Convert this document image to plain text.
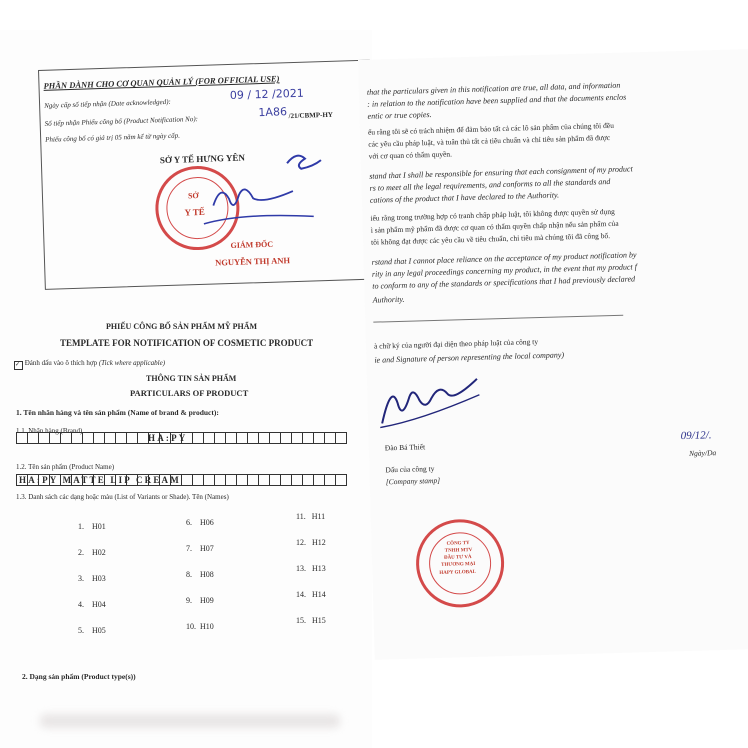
PHẦN DÀNH CHO CƠ QUAN QUẢN LÝ (FOR OFFICIAL USE)
Ngày cấp số tiếp nhận (Date acknowledged):
09 / 12 /2021
Số tiếp nhận Phiếu công bố (Product Notification No):
1A86 /21/CBMP-HY
Phiếu công bố có giá trị 05 năm kể từ ngày cấp.
SỞ Y TẾ HƯNG YÊN
SỞ
Y TẾ
GIÁM ĐỐC
NGUYỄN THỊ ANH
PHIẾU CÔNG BỐ SẢN PHẨM MỸ PHẨM
TEMPLATE FOR NOTIFICATION OF COSMETIC PRODUCT
✓ Đánh dấu vào ô thích hợp (Tick where applicable)
THÔNG TIN SẢN PHẨM
PARTICULARS OF PRODUCT
1. Tên nhãn hàng và tên sản phẩm (Name of brand & product):
1.1. Nhãn hàng (Brand)
HA:PY
1.2. Tên sản phẩm (Product Name)
HA:PY MATTE LIP CREAM
1.3. Danh sách các dạng hoặc màu (List of Variants or Shade). Tên (Names)
1. H01
2. H02
3. H03
4. H04
5. H05
6. H06
7. H07
8. H08
9. H09
10. H10
11. H11
12. H12
13. H13
14. H14
15. H15
2. Dạng sản phẩm (Product type(s))
that the particulars given in this notification are true, all data, and information
: in relation to the notification have been supplied and that the documents enclos
entic or true copies.
ểu rằng tôi sẽ có trách nhiệm để đảm bảo tất cả các lô sản phẩm của chúng tôi đều
các yêu cầu pháp luật, và tuân thủ tất cả tiêu chuẩn và chỉ tiêu sản phẩm đã được
với cơ quan có thẩm quyền.
stand that I shall be responsible for ensuring that each consignment of my product
rs to meet all the legal requirements, and conforms to all the standards and
cations of the product that I have declared to the Authority.
iểu rằng trong trường hợp có tranh chấp pháp luật, tôi không được quyền sử dụng
ì sản phẩm mỹ phẩm đã được cơ quan có thẩm quyền chấp nhận nếu sản phẩm của
tôi không đạt được các yêu cầu về tiêu chuẩn, chỉ tiêu mà chúng tôi đã công bố.
rstand that I cannot place reliance on the acceptance of my product notification by
rity in any legal proceedings concerning my product, in the event that my product f
to conform to any of the standards or specifications that I had previously declared
Authority.
à chữ ký của người đại diện theo pháp luật của công ty
ie and Signature of person representing the local company)
Đào Bá Thiết
Dấu của công ty
[Company stamp]
09/12/.
Ngày/Da
CÔNG TY
TNHH MTV
ĐẦU TƯ VÀ
THƯƠNG MẠI
HAPY GLOBAL
